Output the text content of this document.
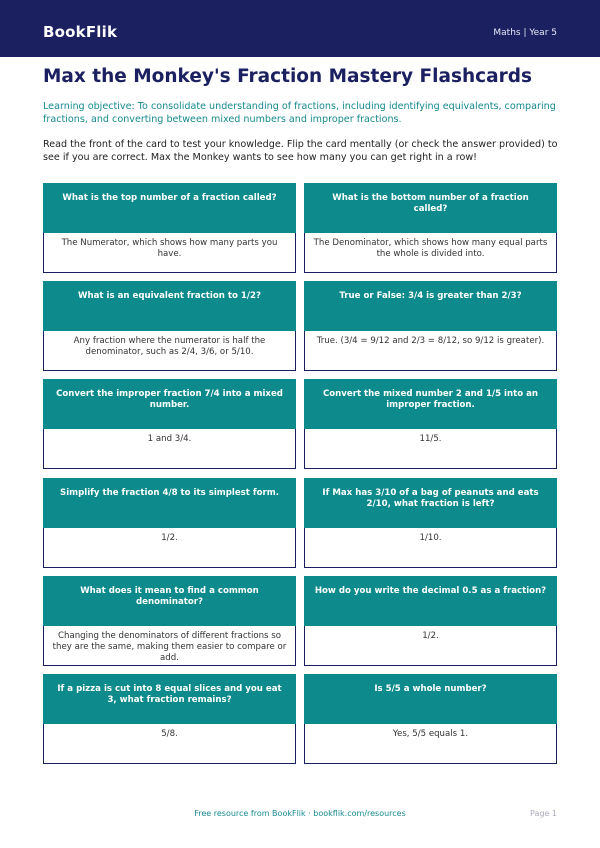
BookFlik	Maths | Year 5
Max the Monkey's Fraction Mastery Flashcards
Learning objective: To consolidate understanding of fractions, including identifying equivalents, comparing fractions, and converting between mixed numbers and improper fractions.
Read the front of the card to test your knowledge. Flip the card mentally (or check the answer provided) to see if you are correct. Max the Monkey wants to see how many you can get right in a row!
What is the top number of a fraction called?
The Numerator, which shows how many parts you have.
What is the bottom number of a fraction called?
The Denominator, which shows how many equal parts the whole is divided into.
What is an equivalent fraction to 1/2?
Any fraction where the numerator is half the denominator, such as 2/4, 3/6, or 5/10.
True or False: 3/4 is greater than 2/3?
True. (3/4 = 9/12 and 2/3 = 8/12, so 9/12 is greater).
Convert the improper fraction 7/4 into a mixed number.
1 and 3/4.
Convert the mixed number 2 and 1/5 into an improper fraction.
11/5.
Simplify the fraction 4/8 to its simplest form.
1/2.
If Max has 3/10 of a bag of peanuts and eats 2/10, what fraction is left?
1/10.
What does it mean to find a common denominator?
Changing the denominators of different fractions so they are the same, making them easier to compare or add.
How do you write the decimal 0.5 as a fraction?
1/2.
If a pizza is cut into 8 equal slices and you eat 3, what fraction remains?
5/8.
Is 5/5 a whole number?
Yes, 5/5 equals 1.
Free resource from BookFlik · bookflik.com/resources	Page 1
